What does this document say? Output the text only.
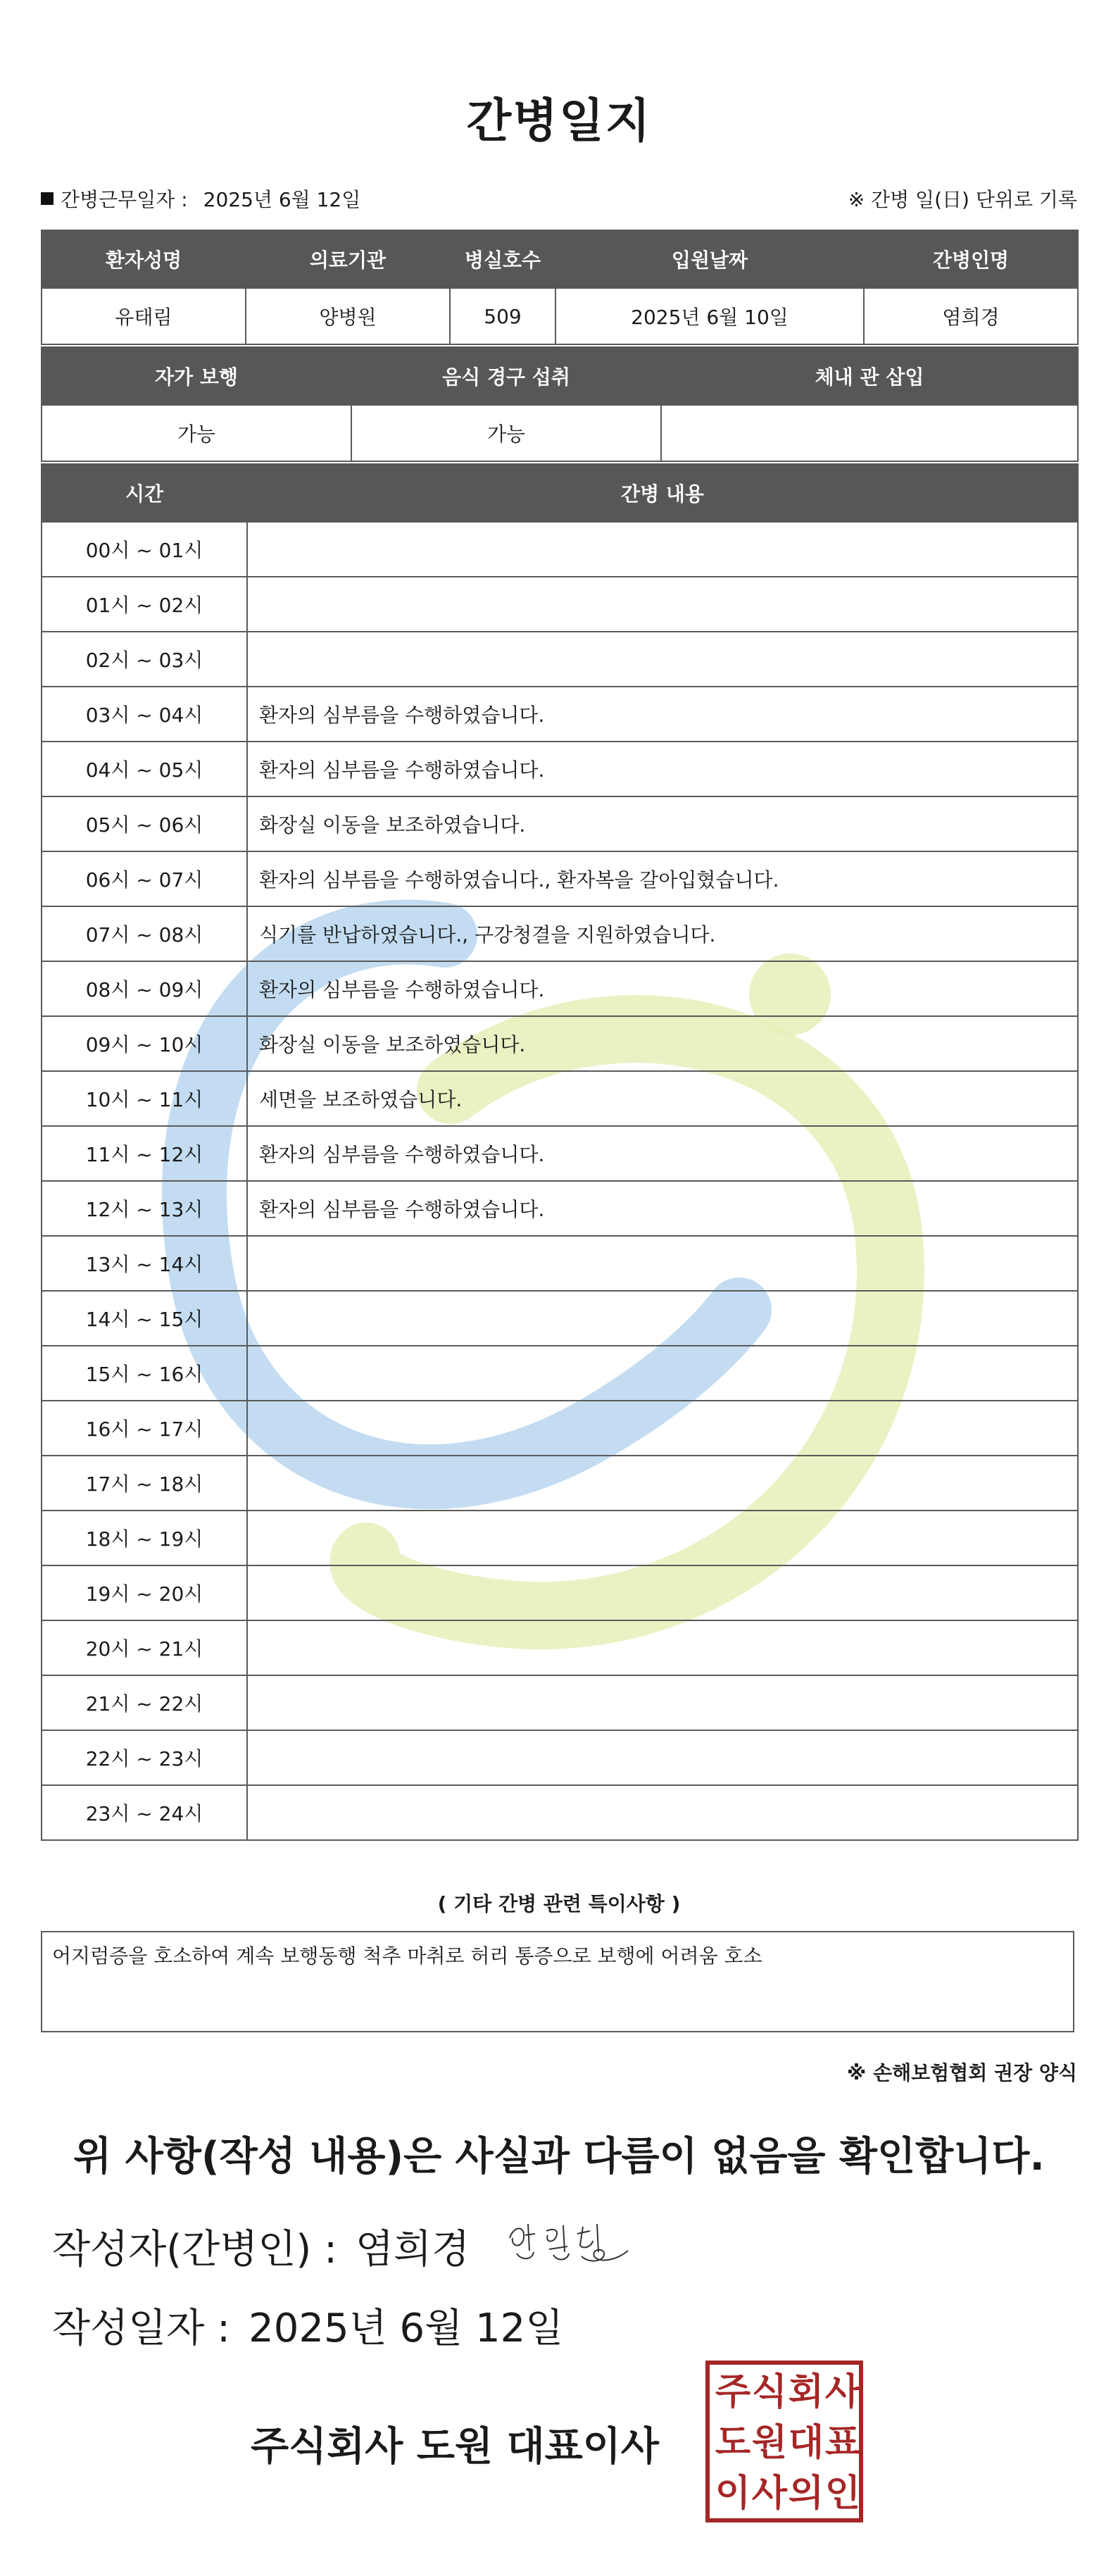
간병일지
간병근무일자 : 2025년 6월 12일	※ 간병 일(日) 단위로 기록
환자성명	의료기관	병실호수	입원날짜	간병인명
유태림	양병원	509	2025년 6월 10일	염희경
자가 보행	음식 경구 섭취	체내 관 삽입
가능	가능	
시간	간병 내용
00시 ~ 01시	
01시 ~ 02시	
02시 ~ 03시	
03시 ~ 04시	환자의 심부름을 수행하였습니다.
04시 ~ 05시	환자의 심부름을 수행하였습니다.
05시 ~ 06시	화장실 이동을 보조하였습니다.
06시 ~ 07시	환자의 심부름을 수행하였습니다., 환자복을 갈아입혔습니다.
07시 ~ 08시	식기를 반납하였습니다., 구강청결을 지원하였습니다.
08시 ~ 09시	환자의 심부름을 수행하였습니다.
09시 ~ 10시	화장실 이동을 보조하였습니다.
10시 ~ 11시	세면을 보조하였습니다.
11시 ~ 12시	환자의 심부름을 수행하였습니다.
12시 ~ 13시	환자의 심부름을 수행하였습니다.
13시 ~ 14시	
14시 ~ 15시	
15시 ~ 16시	
16시 ~ 17시	
17시 ~ 18시	
18시 ~ 19시	
19시 ~ 20시	
20시 ~ 21시	
21시 ~ 22시	
22시 ~ 23시	
23시 ~ 24시	
( 기타 간병 관련 특이사항 )
어지럼증을 호소하여 계속 보행동행 척추 마취로 허리 통증으로 보행에 어려움 호소
※ 손해보험협회 권장 양식
위 사항(작성 내용)은 사실과 다름이 없음을 확인합니다.
작성자(간병인) : 염희경
작성일자 : 2025년 6월 12일
주식회사 도원 대표이사
주 식 회 사
도 원 대 표
이 사 의 인
